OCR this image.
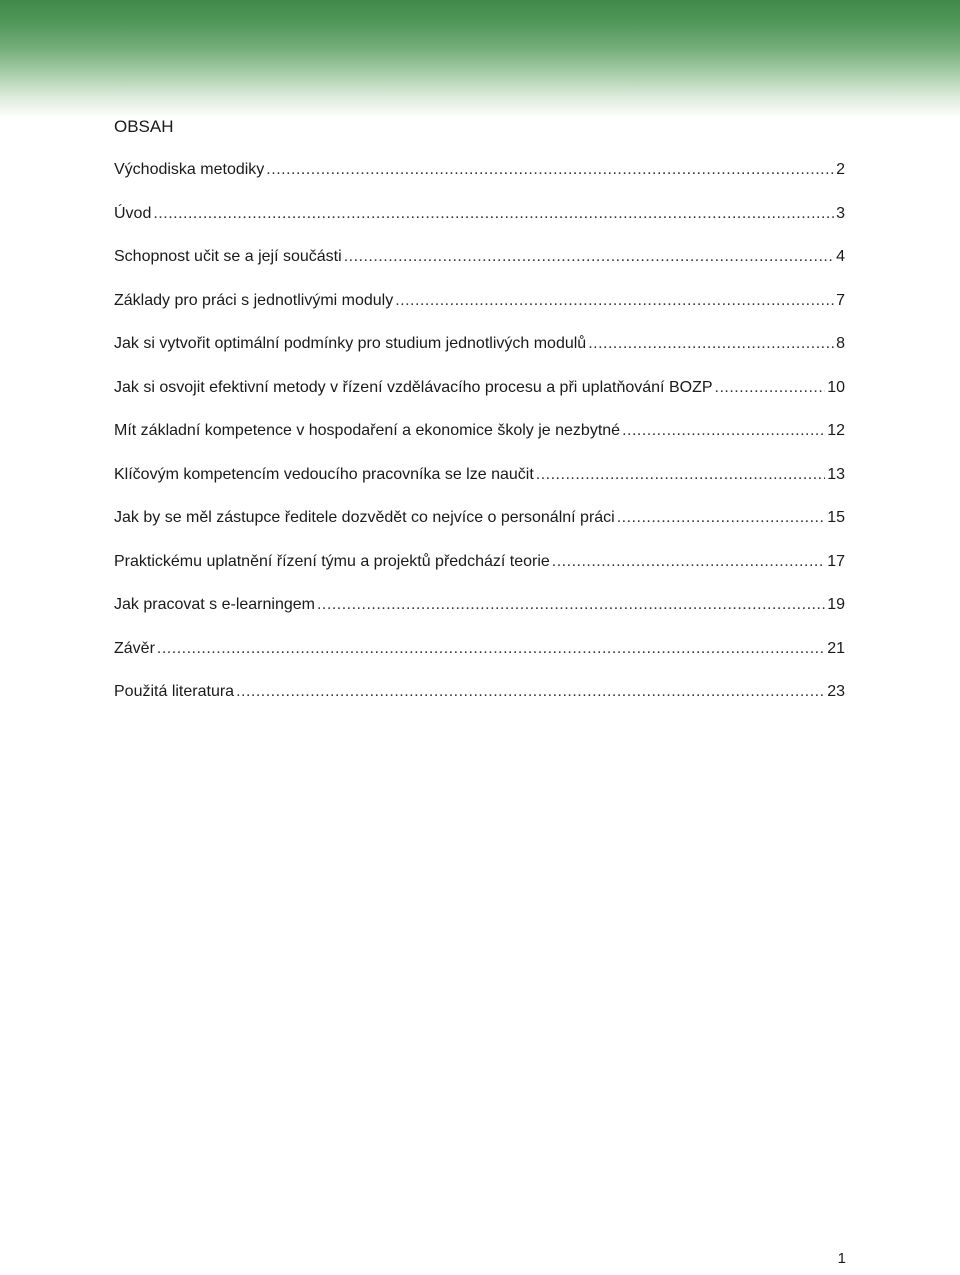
OBSAH
Východiska metodiky .....	2
Úvod .....	3
Schopnost učit se a její součásti .....	4
Základy pro práci s jednotlivými moduly .....	7
Jak si vytvořit optimální podmínky pro studium jednotlivých modulů .....	8
Jak si osvojit efektivní metody v řízení vzdělávacího procesu a při uplatňování BOZP .....	10
Mít základní kompetence v hospodaření a ekonomice školy je nezbytné .....	12
Klíčovým kompetencím vedoucího pracovníka se lze naučit .....	13
Jak by se měl zástupce ředitele dozvědět co nejvíce o personální práci .....	15
Praktickému uplatnění řízení týmu a projektů předchází teorie .....	17
Jak pracovat s e-learningem .....	19
Závěr .....	21
Použitá literatura .....	23
1
